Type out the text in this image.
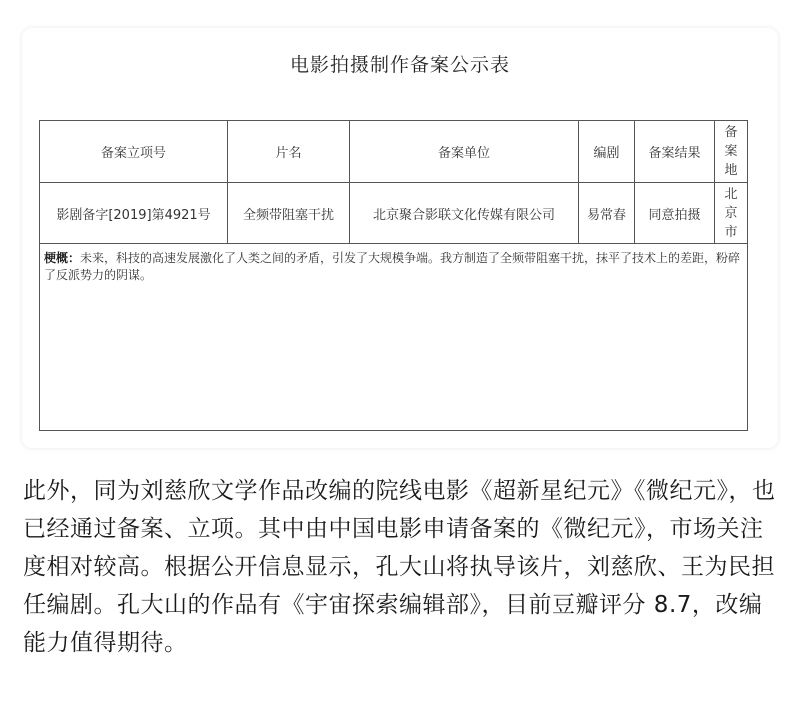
电影拍摄制作备案公示表
备案立项号	片名	备案单位	编剧	备案结果	备案地
影剧备字[2019]第4921号	全频带阻塞干扰	北京聚合影联文化传媒有限公司	易常春	同意拍摄	北京市
梗概：未来，科技的高速发展激化了人类之间的矛盾，引发了大规模争端。我方制造了全频带阻塞干扰，抹平了技术上的差距，粉碎了反派势力的阴谋。					

此外，同为刘慈欣文学作品改编的院线电影《超新星纪元》《微纪元》，也已经通过备案、立项。其中由中国电影申请备案的《微纪元》，市场关注度相对较高。根据公开信息显示，孔大山将执导该片，刘慈欣、王为民担任编剧。孔大山的作品有《宇宙探索编辑部》，目前豆瓣评分 8.7，改编能力值得期待。
